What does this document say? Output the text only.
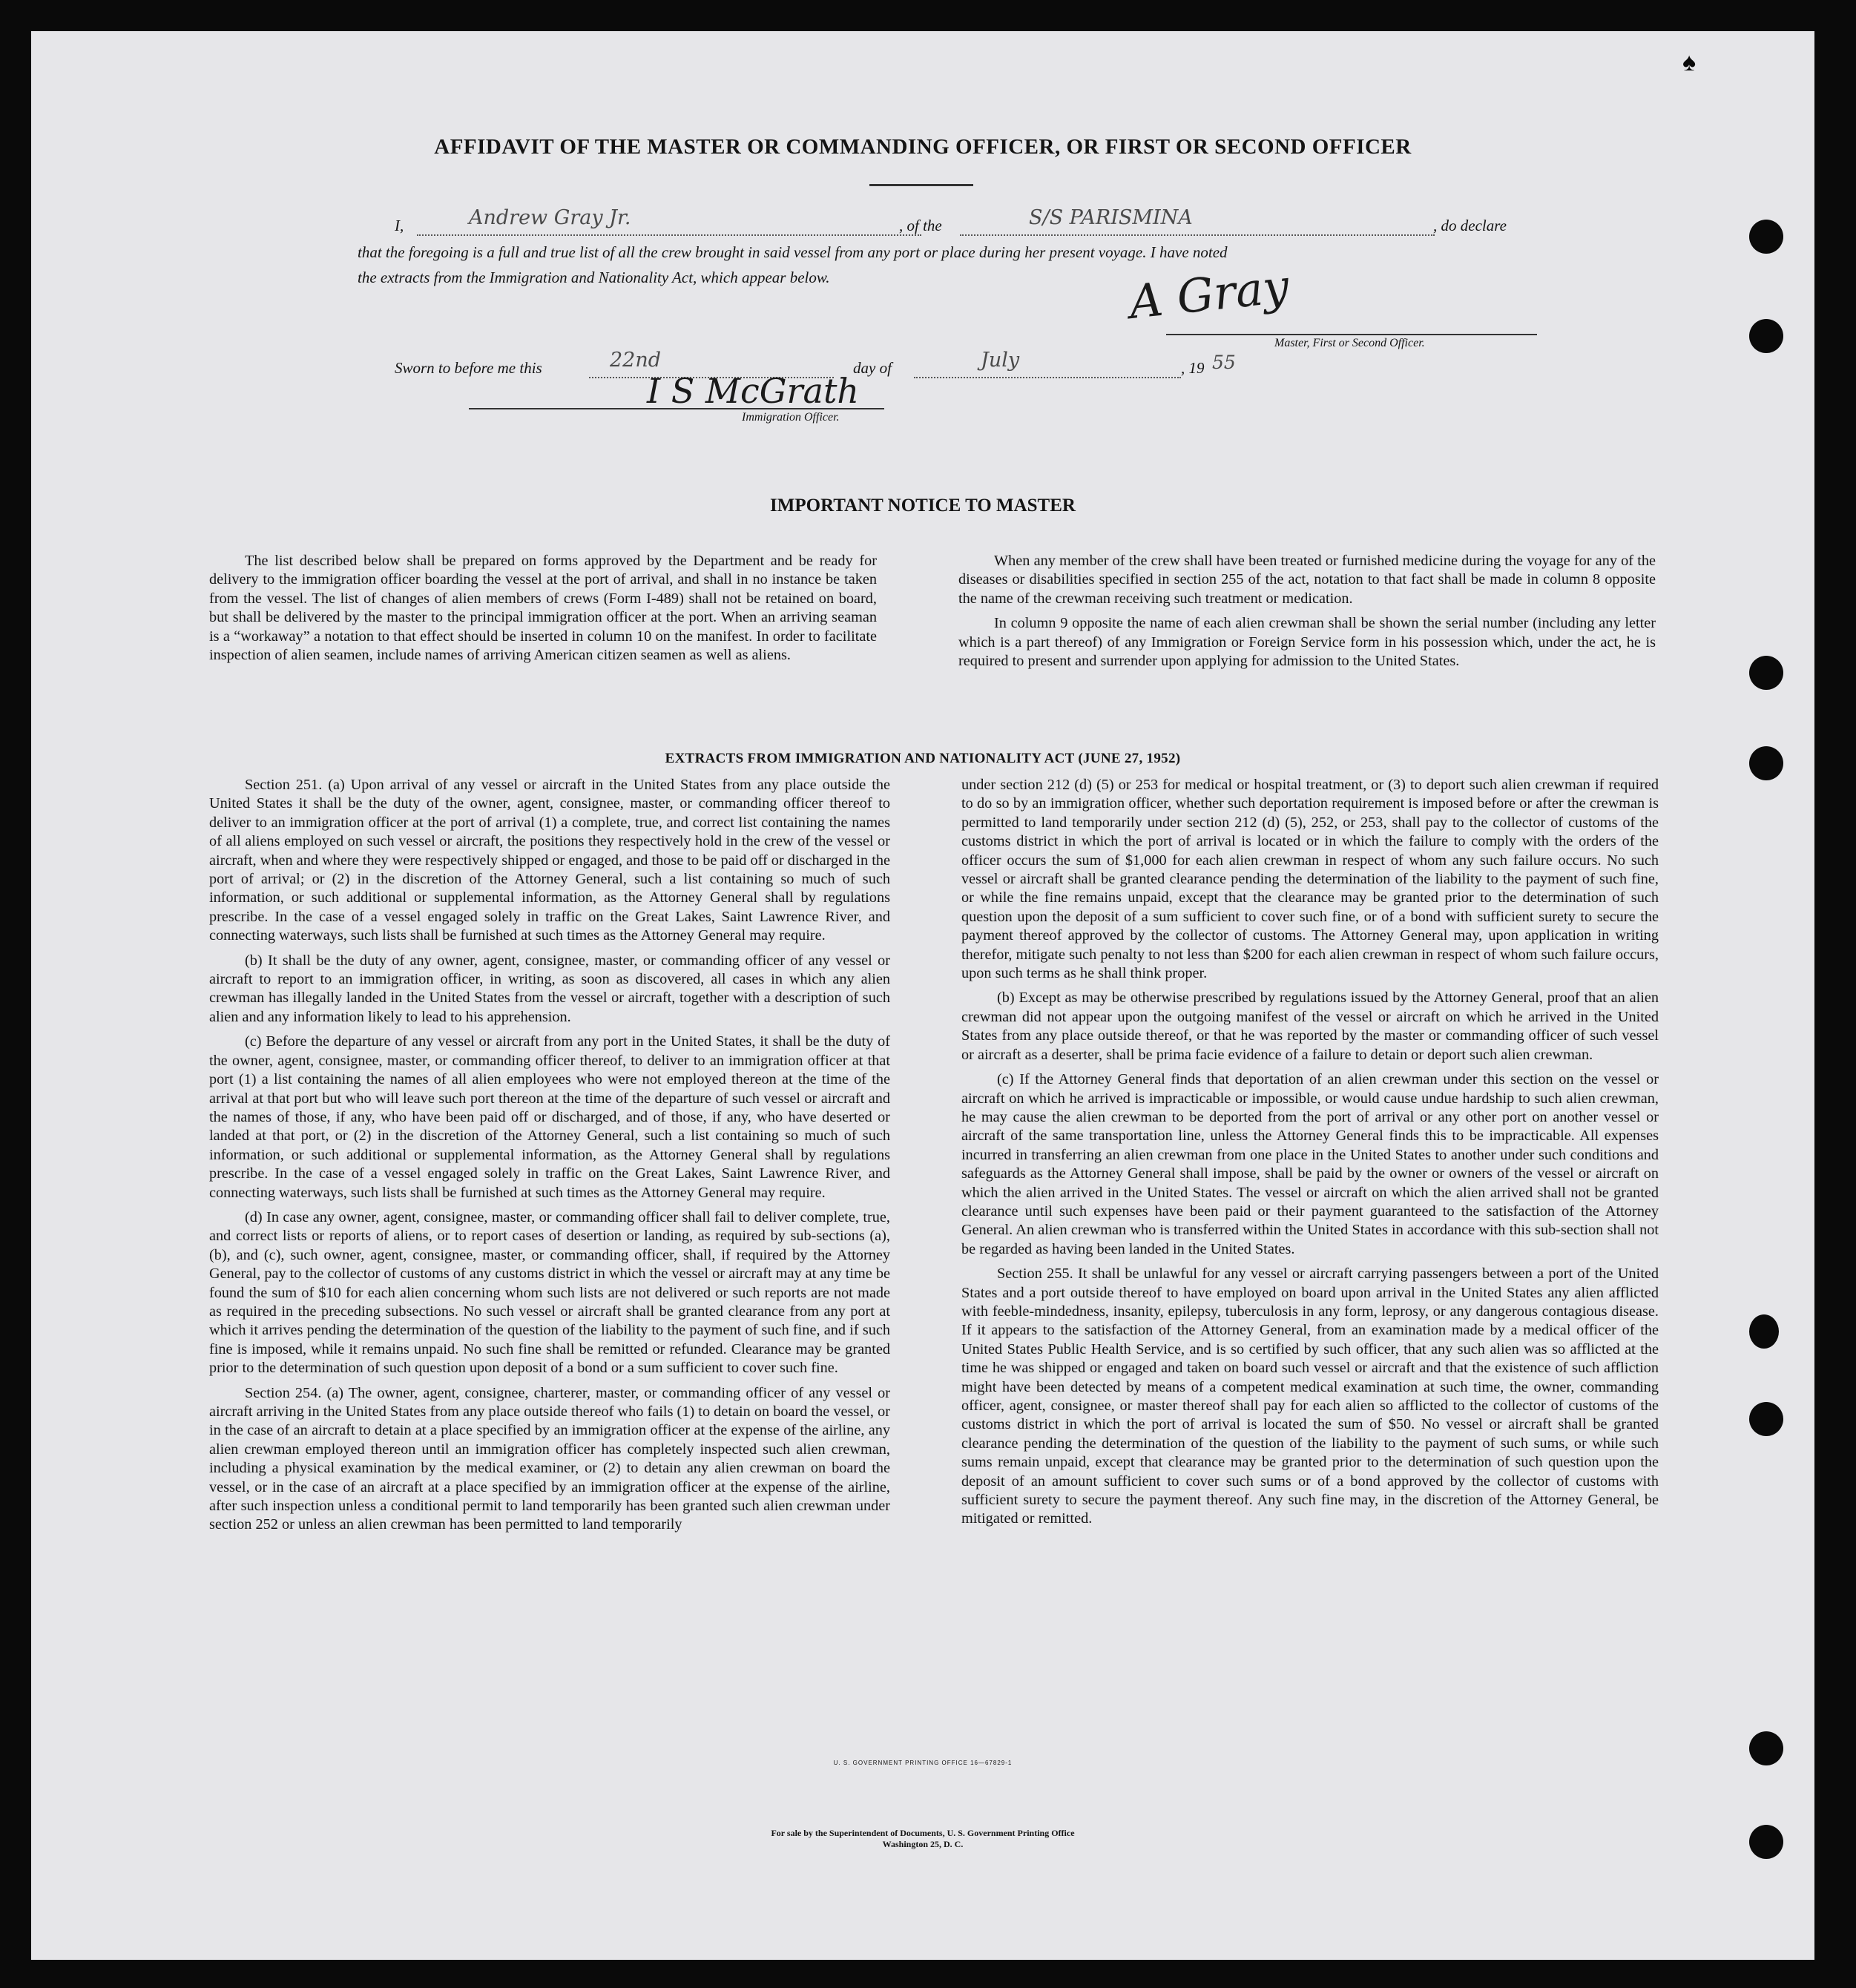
AFFIDAVIT OF THE MASTER OR COMMANDING OFFICER, OR FIRST OR SECOND OFFICER
I,	Andrew Gray Jr.	, of the	S/S PARISMINA	, do declare
that the foregoing is a full and true list of all the crew brought in said vessel from any port or place during her present voyage. I have noted
the extracts from the Immigration and Nationality Act, which appear below.	A Gray
Master, First or Second Officer.
Sworn to before me this	22nd	day of	July	, 19 55
I S McGrath
Immigration Officer.
IMPORTANT NOTICE TO MASTER

The list described below shall be prepared on forms approved by the Department and be ready for delivery to the immigration officer boarding the vessel at the port of arrival, and shall in no instance be taken from the vessel. The list of changes of alien members of crews (Form I-489) shall not be retained on board, but shall be delivered by the master to the principal immigration officer at the port. When an arriving seaman is a “workaway” a notation to that effect should be inserted in column 10 on the manifest. In order to facilitate inspection of alien seamen, include names of arriving American citizen seamen as well as aliens.

When any member of the crew shall have been treated or furnished medicine during the voyage for any of the diseases or disabilities specified in section 255 of the act, notation to that fact shall be made in column 8 opposite the name of the crewman receiving such treatment or medication.

In column 9 opposite the name of each alien crewman shall be shown the serial number (including any letter which is a part thereof) of any Immigration or Foreign Service form in his possession which, under the act, he is required to present and surrender upon applying for admission to the United States.

EXTRACTS FROM IMMIGRATION AND NATIONALITY ACT (JUNE 27, 1952)

Section 251. (a) Upon arrival of any vessel or aircraft in the United States from any place outside the United States it shall be the duty of the owner, agent, consignee, master, or commanding officer thereof to deliver to an immigration officer at the port of arrival (1) a complete, true, and correct list containing the names of all aliens employed on such vessel or aircraft, the positions they respectively hold in the crew of the vessel or aircraft, when and where they were respectively shipped or engaged, and those to be paid off or discharged in the port of arrival; or (2) in the discretion of the Attorney General, such a list containing so much of such information, or such additional or supplemental information, as the Attorney General shall by regulations prescribe. In the case of a vessel engaged solely in traffic on the Great Lakes, Saint Lawrence River, and connecting waterways, such lists shall be furnished at such times as the Attorney General may require.

(b) It shall be the duty of any owner, agent, consignee, master, or commanding officer of any vessel or aircraft to report to an immigration officer, in writing, as soon as discovered, all cases in which any alien crewman has illegally landed in the United States from the vessel or aircraft, together with a description of such alien and any information likely to lead to his apprehension.

(c) Before the departure of any vessel or aircraft from any port in the United States, it shall be the duty of the owner, agent, consignee, master, or commanding officer thereof, to deliver to an immigration officer at that port (1) a list containing the names of all alien employees who were not employed thereon at the time of the arrival at that port but who will leave such port thereon at the time of the departure of such vessel or aircraft and the names of those, if any, who have been paid off or discharged, and of those, if any, who have deserted or landed at that port, or (2) in the discretion of the Attorney General, such a list containing so much of such information, or such additional or supplemental information, as the Attorney General shall by regulations prescribe. In the case of a vessel engaged solely in traffic on the Great Lakes, Saint Lawrence River, and connecting waterways, such lists shall be furnished at such times as the Attorney General may require.

(d) In case any owner, agent, consignee, master, or commanding officer shall fail to deliver complete, true, and correct lists or reports of aliens, or to report cases of desertion or landing, as required by sub-sections (a), (b), and (c), such owner, agent, consignee, master, or commanding officer, shall, if required by the Attorney General, pay to the collector of customs of any customs district in which the vessel or aircraft may at any time be found the sum of $10 for each alien concerning whom such lists are not delivered or such reports are not made as required in the preceding subsections. No such vessel or aircraft shall be granted clearance from any port at which it arrives pending the determination of the question of the liability to the payment of such fine, and if such fine is imposed, while it remains unpaid. No such fine shall be remitted or refunded. Clearance may be granted prior to the determination of such question upon deposit of a bond or a sum sufficient to cover such fine.

Section 254. (a) The owner, agent, consignee, charterer, master, or commanding officer of any vessel or aircraft arriving in the United States from any place outside thereof who fails (1) to detain on board the vessel, or in the case of an aircraft to detain at a place specified by an immigration officer at the expense of the airline, any alien crewman employed thereon until an immigration officer has completely inspected such alien crewman, including a physical examination by the medical examiner, or (2) to detain any alien crewman on board the vessel, or in the case of an aircraft at a place specified by an immigration officer at the expense of the airline, after such inspection unless a conditional permit to land temporarily has been granted such alien crewman under section 252 or unless an alien crewman has been permitted to land temporarily

under section 212 (d) (5) or 253 for medical or hospital treatment, or (3) to deport such alien crewman if required to do so by an immigration officer, whether such deportation requirement is imposed before or after the crewman is permitted to land temporarily under section 212 (d) (5), 252, or 253, shall pay to the collector of customs of the customs district in which the port of arrival is located or in which the failure to comply with the orders of the officer occurs the sum of $1,000 for each alien crewman in respect of whom any such failure occurs. No such vessel or aircraft shall be granted clearance pending the determination of the liability to the payment of such fine, or while the fine remains unpaid, except that the clearance may be granted prior to the determination of such question upon the deposit of a sum sufficient to cover such fine, or of a bond with sufficient surety to secure the payment thereof approved by the collector of customs. The Attorney General may, upon application in writing therefor, mitigate such penalty to not less than $200 for each alien crewman in respect of whom such failure occurs, upon such terms as he shall think proper.

(b) Except as may be otherwise prescribed by regulations issued by the Attorney General, proof that an alien crewman did not appear upon the outgoing manifest of the vessel or aircraft on which he arrived in the United States from any place outside thereof, or that he was reported by the master or commanding officer of such vessel or aircraft as a deserter, shall be prima facie evidence of a failure to detain or deport such alien crewman.

(c) If the Attorney General finds that deportation of an alien crewman under this section on the vessel or aircraft on which he arrived is impracticable or impossible, or would cause undue hardship to such alien crewman, he may cause the alien crewman to be deported from the port of arrival or any other port on another vessel or aircraft of the same transportation line, unless the Attorney General finds this to be impracticable. All expenses incurred in transferring an alien crewman from one place in the United States to another under such conditions and safeguards as the Attorney General shall impose, shall be paid by the owner or owners of the vessel or aircraft on which the alien arrived in the United States. The vessel or aircraft on which the alien arrived shall not be granted clearance until such expenses have been paid or their payment guaranteed to the satisfaction of the Attorney General. An alien crewman who is transferred within the United States in accordance with this sub-section shall not be regarded as having been landed in the United States.

Section 255. It shall be unlawful for any vessel or aircraft carrying passengers between a port of the United States and a port outside thereof to have employed on board upon arrival in the United States any alien afflicted with feeble-mindedness, insanity, epilepsy, tuberculosis in any form, leprosy, or any dangerous contagious disease. If it appears to the satisfaction of the Attorney General, from an examination made by a medical officer of the United States Public Health Service, and is so certified by such officer, that any such alien was so afflicted at the time he was shipped or engaged and taken on board such vessel or aircraft and that the existence of such affliction might have been detected by means of a competent medical examination at such time, the owner, commanding officer, agent, consignee, or master thereof shall pay for each alien so afflicted to the collector of customs of the customs district in which the port of arrival is located the sum of $50. No vessel or aircraft shall be granted clearance pending the determination of the question of the liability to the payment of such sums, or while such sums remain unpaid, except that clearance may be granted prior to the determination of such question upon the deposit of an amount sufficient to cover such sums or of a bond approved by the collector of customs with sufficient surety to secure the payment thereof. Any such fine may, in the discretion of the Attorney General, be mitigated or remitted.

U. S. GOVERNMENT PRINTING OFFICE 16—67829-1
For sale by the Superintendent of Documents, U. S. Government Printing Office
Washington 25, D. C.
♠
